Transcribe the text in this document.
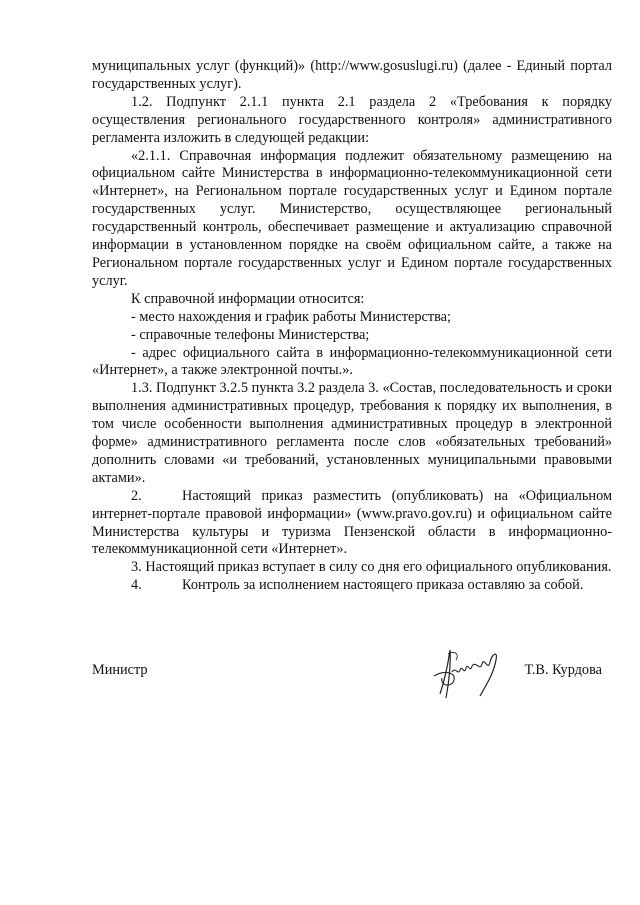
муниципальных услуг (функций)» (http://www.gosuslugi.ru) (далее - Единый портал государственных услуг).

1.2. Подпункт 2.1.1 пункта 2.1 раздела 2 «Требования к порядку осуществления регионального государственного контроля» административного регламента изложить в следующей редакции:

«2.1.1. Справочная информация подлежит обязательному размещению на официальном сайте Министерства в информационно-телекоммуникационной сети «Интернет», на Региональном портале государственных услуг и Едином портале государственных услуг. Министерство, осуществляющее региональный государственный контроль, обеспечивает размещение и актуализацию справочной информации в установленном порядке на своём официальном сайте, а также на Региональном портале государственных услуг и Едином портале государственных услуг.

К справочной информации относится:

- место нахождения и график работы Министерства;

- справочные телефоны Министерства;

- адрес официального сайта в информационно-телекоммуникационной сети «Интернет», а также электронной почты.».

1.3. Подпункт 3.2.5 пункта 3.2 раздела 3. «Состав, последовательность и сроки выполнения административных процедур, требования к порядку их выполнения, в том числе особенности выполнения административных процедур в электронной форме» административного регламента после слов «обязательных требований» дополнить словами «и требований, установленных муниципальными правовыми актами».

2.	Настоящий приказ разместить (опубликовать) на «Официальном интернет-портале правовой информации» (www.pravo.gov.ru) и официальном сайте Министерства культуры и туризма Пензенской области в информационно-телекоммуникационной сети «Интернет».

3. Настоящий приказ вступает в силу со дня его официального опубликования.

4.	Контроль за исполнением настоящего приказа оставляю за собой.

Министр	Т.В. Курдова
